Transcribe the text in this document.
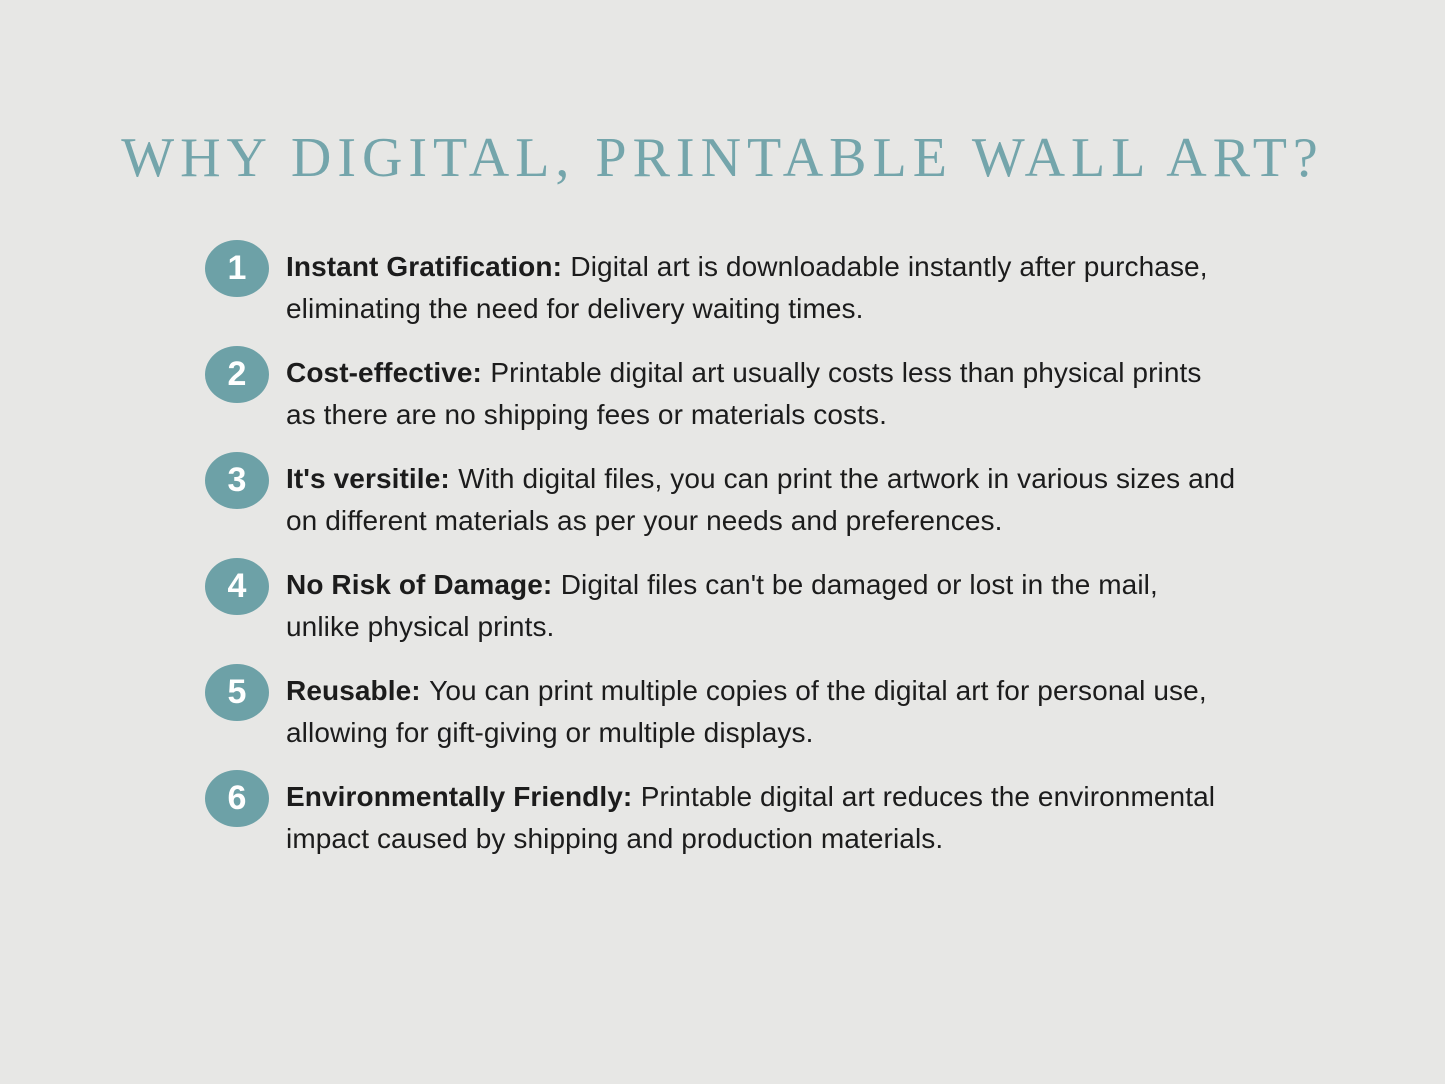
WHY DIGITAL, PRINTABLE WALL ART?
1 Instant Gratification: Digital art is downloadable instantly after purchase, eliminating the need for delivery waiting times.

2 Cost-effective: Printable digital art usually costs less than physical prints as there are no shipping fees or materials costs.

3 It's versitile: With digital files, you can print the artwork in various sizes and on different materials as per your needs and preferences.

4 No Risk of Damage: Digital files can't be damaged or lost in the mail, unlike physical prints.

5 Reusable: You can print multiple copies of the digital art for personal use, allowing for gift-giving or multiple displays.

6 Environmentally Friendly: Printable digital art reduces the environmental impact caused by shipping and production materials.
